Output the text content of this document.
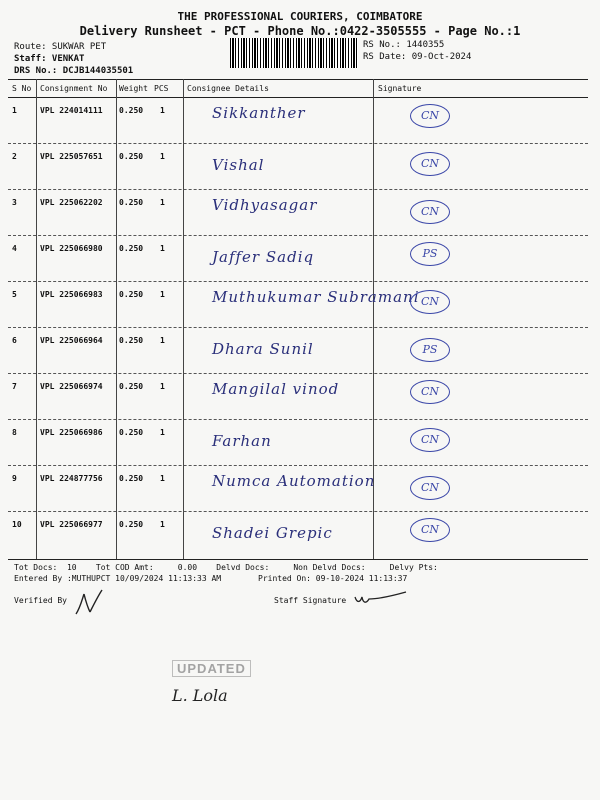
THE PROFESSIONAL COURIERS, COIMBATORE
Delivery Runsheet - PCT - Phone No.:0422-3505555 - Page No.:1
Route: SUKWAR PET
Staff: VENKAT
DRS No.: DCJB144035501
RS No.: 1440355
RS Date: 09-Oct-2024
S No Consignment No Weight PCS Consignee Details	Signature
1	VPL 224014111 0.250 1	Sikkanther	CN
2	VPL 225057651 0.250 1	Vishal	CN
3	VPL 225062202 0.250 1	Vidhyasagar	CN
4	VPL 225066980 0.250 1	Jaffer Sadiq	PS
5	VPL 225066983 0.250 1	Muthukumar Subramani CN
6	VPL 225066964 0.250 1	Dhara Sunil	PS
7	VPL 225066974 0.250 1	Mangilal vinod	CN
8	VPL 225066986 0.250 1	Farhan	CN
9	VPL 224877756 0.250 1	Numca Automation	CN
10 VPL 225066977 0.250 1	Shadei Grepic	CN
Tot Docs:  10    Tot COD Amt:     0.00    Delvd Docs:     Non Delvd Docs:     Delvy Pts:
Entered By :MUTHUPCT 10/09/2024 11:13:33 AM	Printed On: 09-10-2024 11:13:37
Verified By	Staff Signature
UPDATED
L. Lola
